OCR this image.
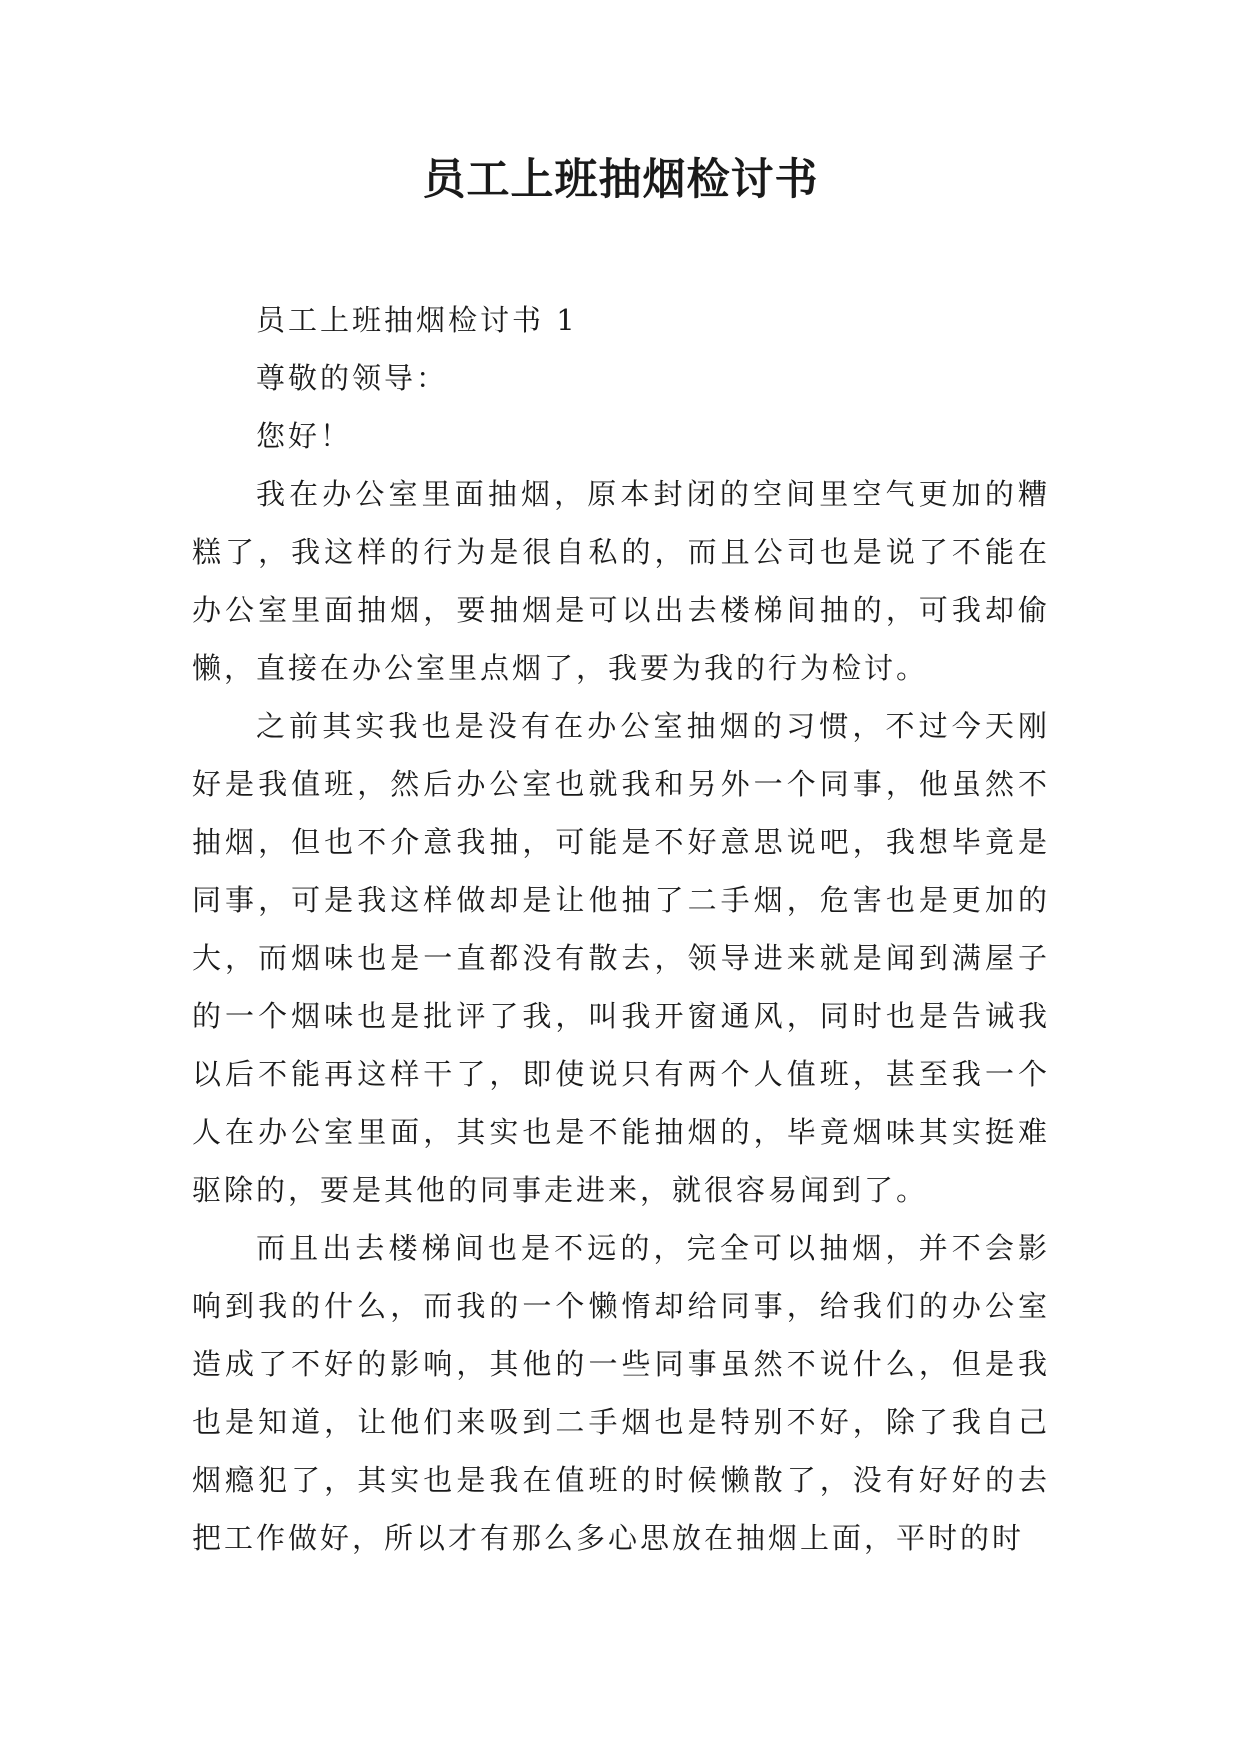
员工上班抽烟检讨书

员工上班抽烟检讨书 1

尊敬的领导：

您好！

我在办公室里面抽烟，原本封闭的空间里空气更加的糟糕了，我这样的行为是很自私的，而且公司也是说了不能在办公室里面抽烟，要抽烟是可以出去楼梯间抽的，可我却偷懒，直接在办公室里点烟了，我要为我的行为检讨。

之前其实我也是没有在办公室抽烟的习惯，不过今天刚好是我值班，然后办公室也就我和另外一个同事，他虽然不抽烟，但也不介意我抽，可能是不好意思说吧，我想毕竟是同事，可是我这样做却是让他抽了二手烟，危害也是更加的大，而烟味也是一直都没有散去，领导进来就是闻到满屋子的一个烟味也是批评了我，叫我开窗通风，同时也是告诫我以后不能再这样干了，即使说只有两个人值班，甚至我一个人在办公室里面，其实也是不能抽烟的，毕竟烟味其实挺难驱除的，要是其他的同事走进来，就很容易闻到了。

而且出去楼梯间也是不远的，完全可以抽烟，并不会影响到我的什么，而我的一个懒惰却给同事，给我们的办公室造成了不好的影响，其他的一些同事虽然不说什么，但是我也是知道，让他们来吸到二手烟也是特别不好，除了我自己烟瘾犯了，其实也是我在值班的时候懒散了，没有好好的去把工作做好，所以才有那么多心思放在抽烟上面，平时的时
